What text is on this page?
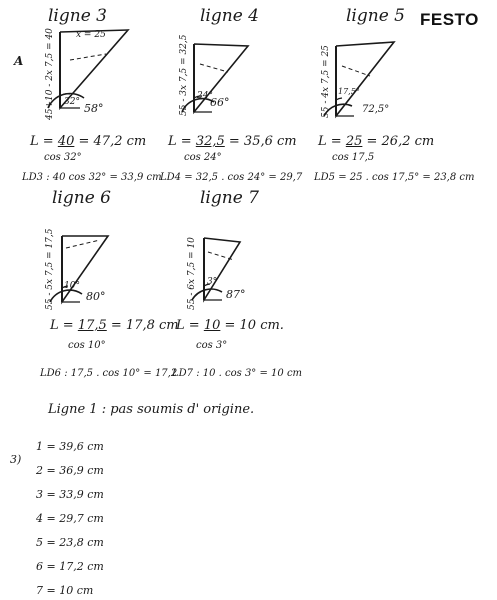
FESTO
A
3)
ligne 3
32° 58°
x = 25
45+10 - 2x 7,5 = 40
L = 40 = 47,2 cm
cos 32°
LD3 : 40 cos 32° = 33,9 cm
ligne 4
24°
66°
55 - 3x 7,5 = 32,5
L = 32,5 = 35,6 cm
cos 24°
LD4 = 32,5 . cos 24° = 29,7
ligne 5
17,5°
72,5°
55 - 4x 7,5 = 25
L = 25 = 26,2 cm
cos 17,5
LD5 = 25 . cos 17,5° = 23,8 cm
ligne 6
10°
80°
55 - 5x 7,5 = 17,5
L = 17,5 = 17,8 cm
cos 10°
LD6 : 17,5 . cos 10° = 17,2
ligne 7
3°
87°
55 - 6x 7,5 = 10
L = 10 = 10 cm.
cos 3°
LD7 : 10 . cos 3° = 10 cm
Ligne 1 : pas soumis d' origine.
1 = 39,6 cm
2 = 36,9 cm
3 = 33,9 cm
4 = 29,7 cm
5 = 23,8 cm
6 = 17,2 cm
7 = 10 cm
